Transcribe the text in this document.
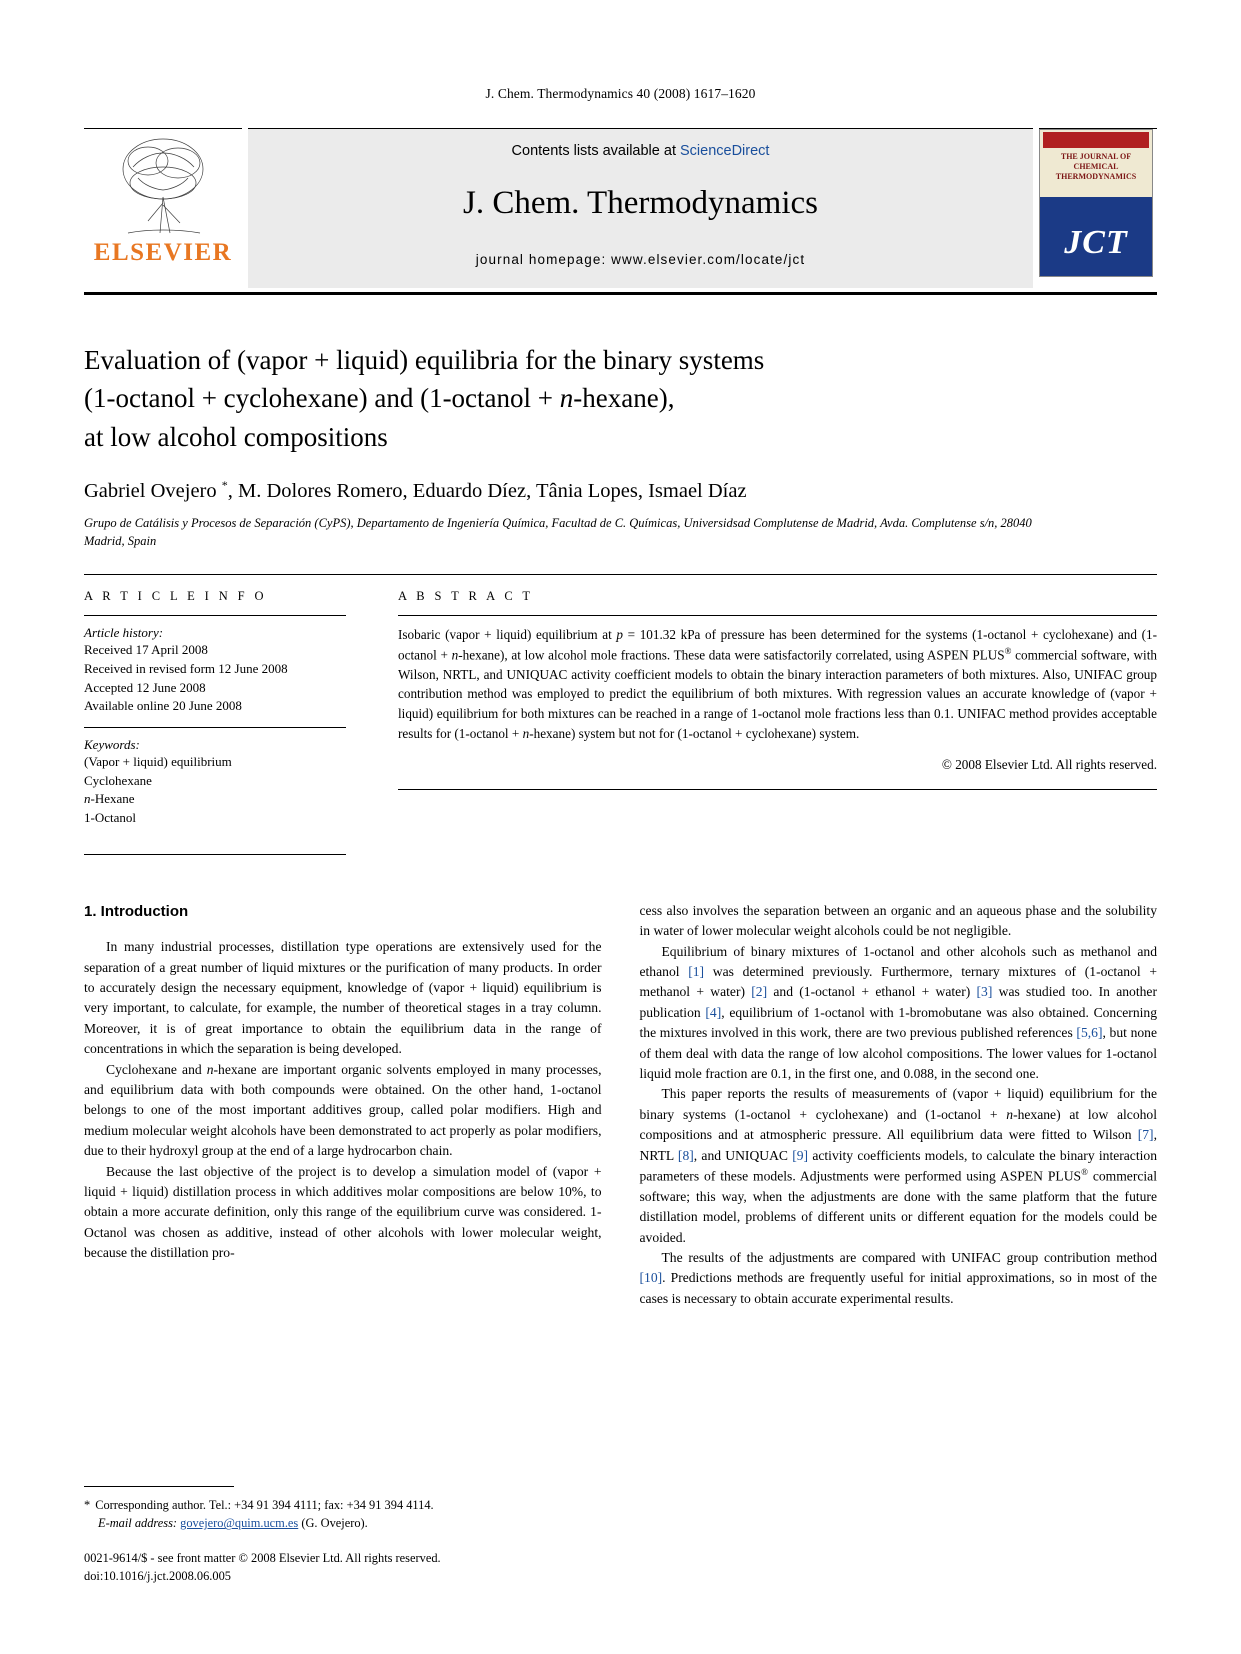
J. Chem. Thermodynamics 40 (2008) 1617–1620
ELSEVIER
Contents lists available at ScienceDirect
J. Chem. Thermodynamics
journal homepage: www.elsevier.com/locate/jct
THE JOURNAL OF CHEMICAL THERMODYNAMICS
JCT
Evaluation of (vapor + liquid) equilibria for the binary systems
(1-octanol + cyclohexane) and (1-octanol + n-hexane),
at low alcohol compositions
Gabriel Ovejero *, M. Dolores Romero, Eduardo Díez, Tânia Lopes, Ismael Díaz
Grupo de Catálisis y Procesos de Separación (CyPS), Departamento de Ingeniería Química, Facultad de C. Químicas, Universidsad Complutense de Madrid, Avda. Complutense s/n, 28040 Madrid, Spain
A R T I C L E I N F O
Article history:
Received 17 April 2008
Received in revised form 12 June 2008
Accepted 12 June 2008
Available online 20 June 2008
Keywords:
(Vapor + liquid) equilibrium
Cyclohexane
n-Hexane
1-Octanol
A B S T R A C T
Isobaric (vapor + liquid) equilibrium at p = 101.32 kPa of pressure has been determined for the systems (1-octanol + cyclohexane) and (1-octanol + n-hexane), at low alcohol mole fractions. These data were satisfactorily correlated, using ASPEN PLUS® commercial software, with Wilson, NRTL, and UNIQUAC activity coefficient models to obtain the binary interaction parameters of both mixtures. Also, UNIFAC group contribution method was employed to predict the equilibrium of both mixtures. With regression values an accurate knowledge of (vapor + liquid) equilibrium for both mixtures can be reached in a range of 1-octanol mole fractions less than 0.1. UNIFAC method provides acceptable results for (1-octanol + n-hexane) system but not for (1-octanol + cyclohexane) system.
© 2008 Elsevier Ltd. All rights reserved.
1. Introduction

In many industrial processes, distillation type operations are extensively used for the separation of a great number of liquid mixtures or the purification of many products. In order to accurately design the necessary equipment, knowledge of (vapor + liquid) equilibrium is very important, to calculate, for example, the number of theoretical stages in a tray column. Moreover, it is of great importance to obtain the equilibrium data in the range of concentrations in which the separation is being developed.

Cyclohexane and n-hexane are important organic solvents employed in many processes, and equilibrium data with both compounds were obtained. On the other hand, 1-octanol belongs to one of the most important additives group, called polar modifiers. High and medium molecular weight alcohols have been demonstrated to act properly as polar modifiers, due to their hydroxyl group at the end of a large hydrocarbon chain.

Because the last objective of the project is to develop a simulation model of (vapor + liquid + liquid) distillation process in which additives molar compositions are below 10%, to obtain a more accurate definition, only this range of the equilibrium curve was considered. 1-Octanol was chosen as additive, instead of other alcohols with lower molecular weight, because the distillation pro-

cess also involves the separation between an organic and an aqueous phase and the solubility in water of lower molecular weight alcohols could be not negligible.

Equilibrium of binary mixtures of 1-octanol and other alcohols such as methanol and ethanol [1] was determined previously. Furthermore, ternary mixtures of (1-octanol + methanol + water) [2] and (1-octanol + ethanol + water) [3] was studied too. In another publication [4], equilibrium of 1-octanol with 1-bromobutane was also obtained. Concerning the mixtures involved in this work, there are two previous published references [5,6], but none of them deal with data the range of low alcohol compositions. The lower values for 1-octanol liquid mole fraction are 0.1, in the first one, and 0.088, in the second one.

This paper reports the results of measurements of (vapor + liquid) equilibrium for the binary systems (1-octanol + cyclohexane) and (1-octanol + n-hexane) at low alcohol compositions and at atmospheric pressure. All equilibrium data were fitted to Wilson [7], NRTL [8], and UNIQUAC [9] activity coefficients models, to calculate the binary interaction parameters of these models. Adjustments were performed using ASPEN PLUS® commercial software; this way, when the adjustments are done with the same platform that the future distillation model, problems of different units or different equation for the models could be avoided.

The results of the adjustments are compared with UNIFAC group contribution method [10]. Predictions methods are frequently useful for initial approximations, so in most of the cases is necessary to obtain accurate experimental results.

* Corresponding author. Tel.: +34 91 394 4111; fax: +34 91 394 4114.
E-mail address: govejero@quim.ucm.es (G. Ovejero).
0021-9614/$ - see front matter © 2008 Elsevier Ltd. All rights reserved.
doi:10.1016/j.jct.2008.06.005
